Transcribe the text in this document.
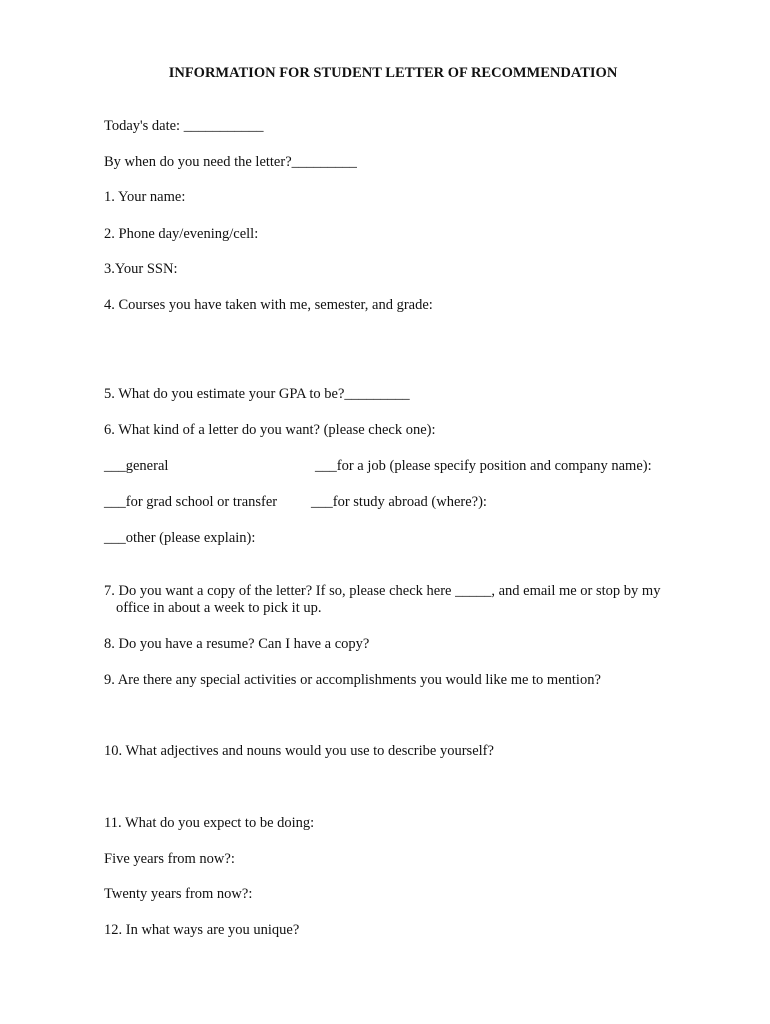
INFORMATION FOR STUDENT LETTER OF RECOMMENDATION
Today's date: ___________
By when do you need the letter?_________
1. Your name:
2. Phone day/evening/cell:
3.Your SSN:
4. Courses you have taken with me, semester, and grade:
5. What do you estimate your GPA to be?_________
6. What kind of a letter do you want? (please check one):
___general	___for a job (please specify position and company name):
___for grad school or transfer ___for study abroad (where?):
___other (please explain):
7. Do you want a copy of the letter? If so, please check here _____, and email me or stop by my
office in about a week to pick it up.
8. Do you have a resume? Can I have a copy?
9. Are there any special activities or accomplishments you would like me to mention?
10. What adjectives and nouns would you use to describe yourself?
11. What do you expect to be doing:
Five years from now?:
Twenty years from now?:
12. In what ways are you unique?
